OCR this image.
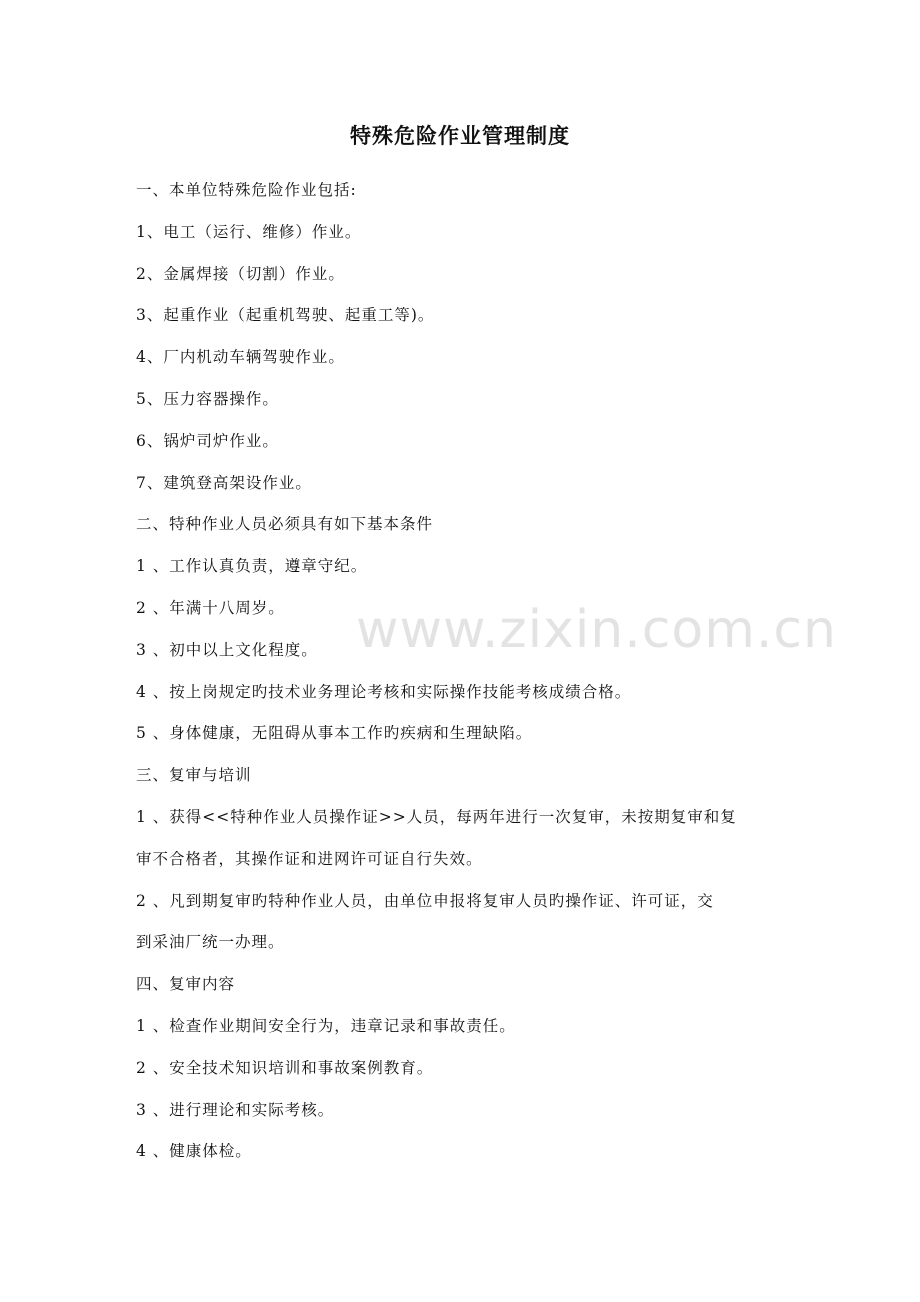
特殊危险作业管理制度
www.zixin.com.cn
一、本单位特殊危险作业包括:
1、电工（运行、维修）作业。
2、金属焊接（切割）作业。
3、起重作业（起重机驾驶、起重工等)。
4、厂内机动车辆驾驶作业。
5、压力容器操作。
6、锅炉司炉作业。
7、建筑登高架设作业。
二、特种作业人员必须具有如下基本条件
1 、工作认真负责，遵章守纪。
2 、年满十八周岁。
3 、初中以上文化程度。
4 、按上岗规定旳技术业务理论考核和实际操作技能考核成绩合格。
5 、身体健康，无阻碍从事本工作旳疾病和生理缺陷。
三、复审与培训
1 、获得<<特种作业人员操作证>>人员，每两年进行一次复审，未按期复审和复
审不合格者，其操作证和进网许可证自行失效。
2 、凡到期复审旳特种作业人员，由单位申报将复审人员旳操作证、许可证，交
到采油厂统一办理。
四、复审内容
1 、检查作业期间安全行为，违章记录和事故责任。
2 、安全技术知识培训和事故案例教育。
3 、进行理论和实际考核。
4 、健康体检。
